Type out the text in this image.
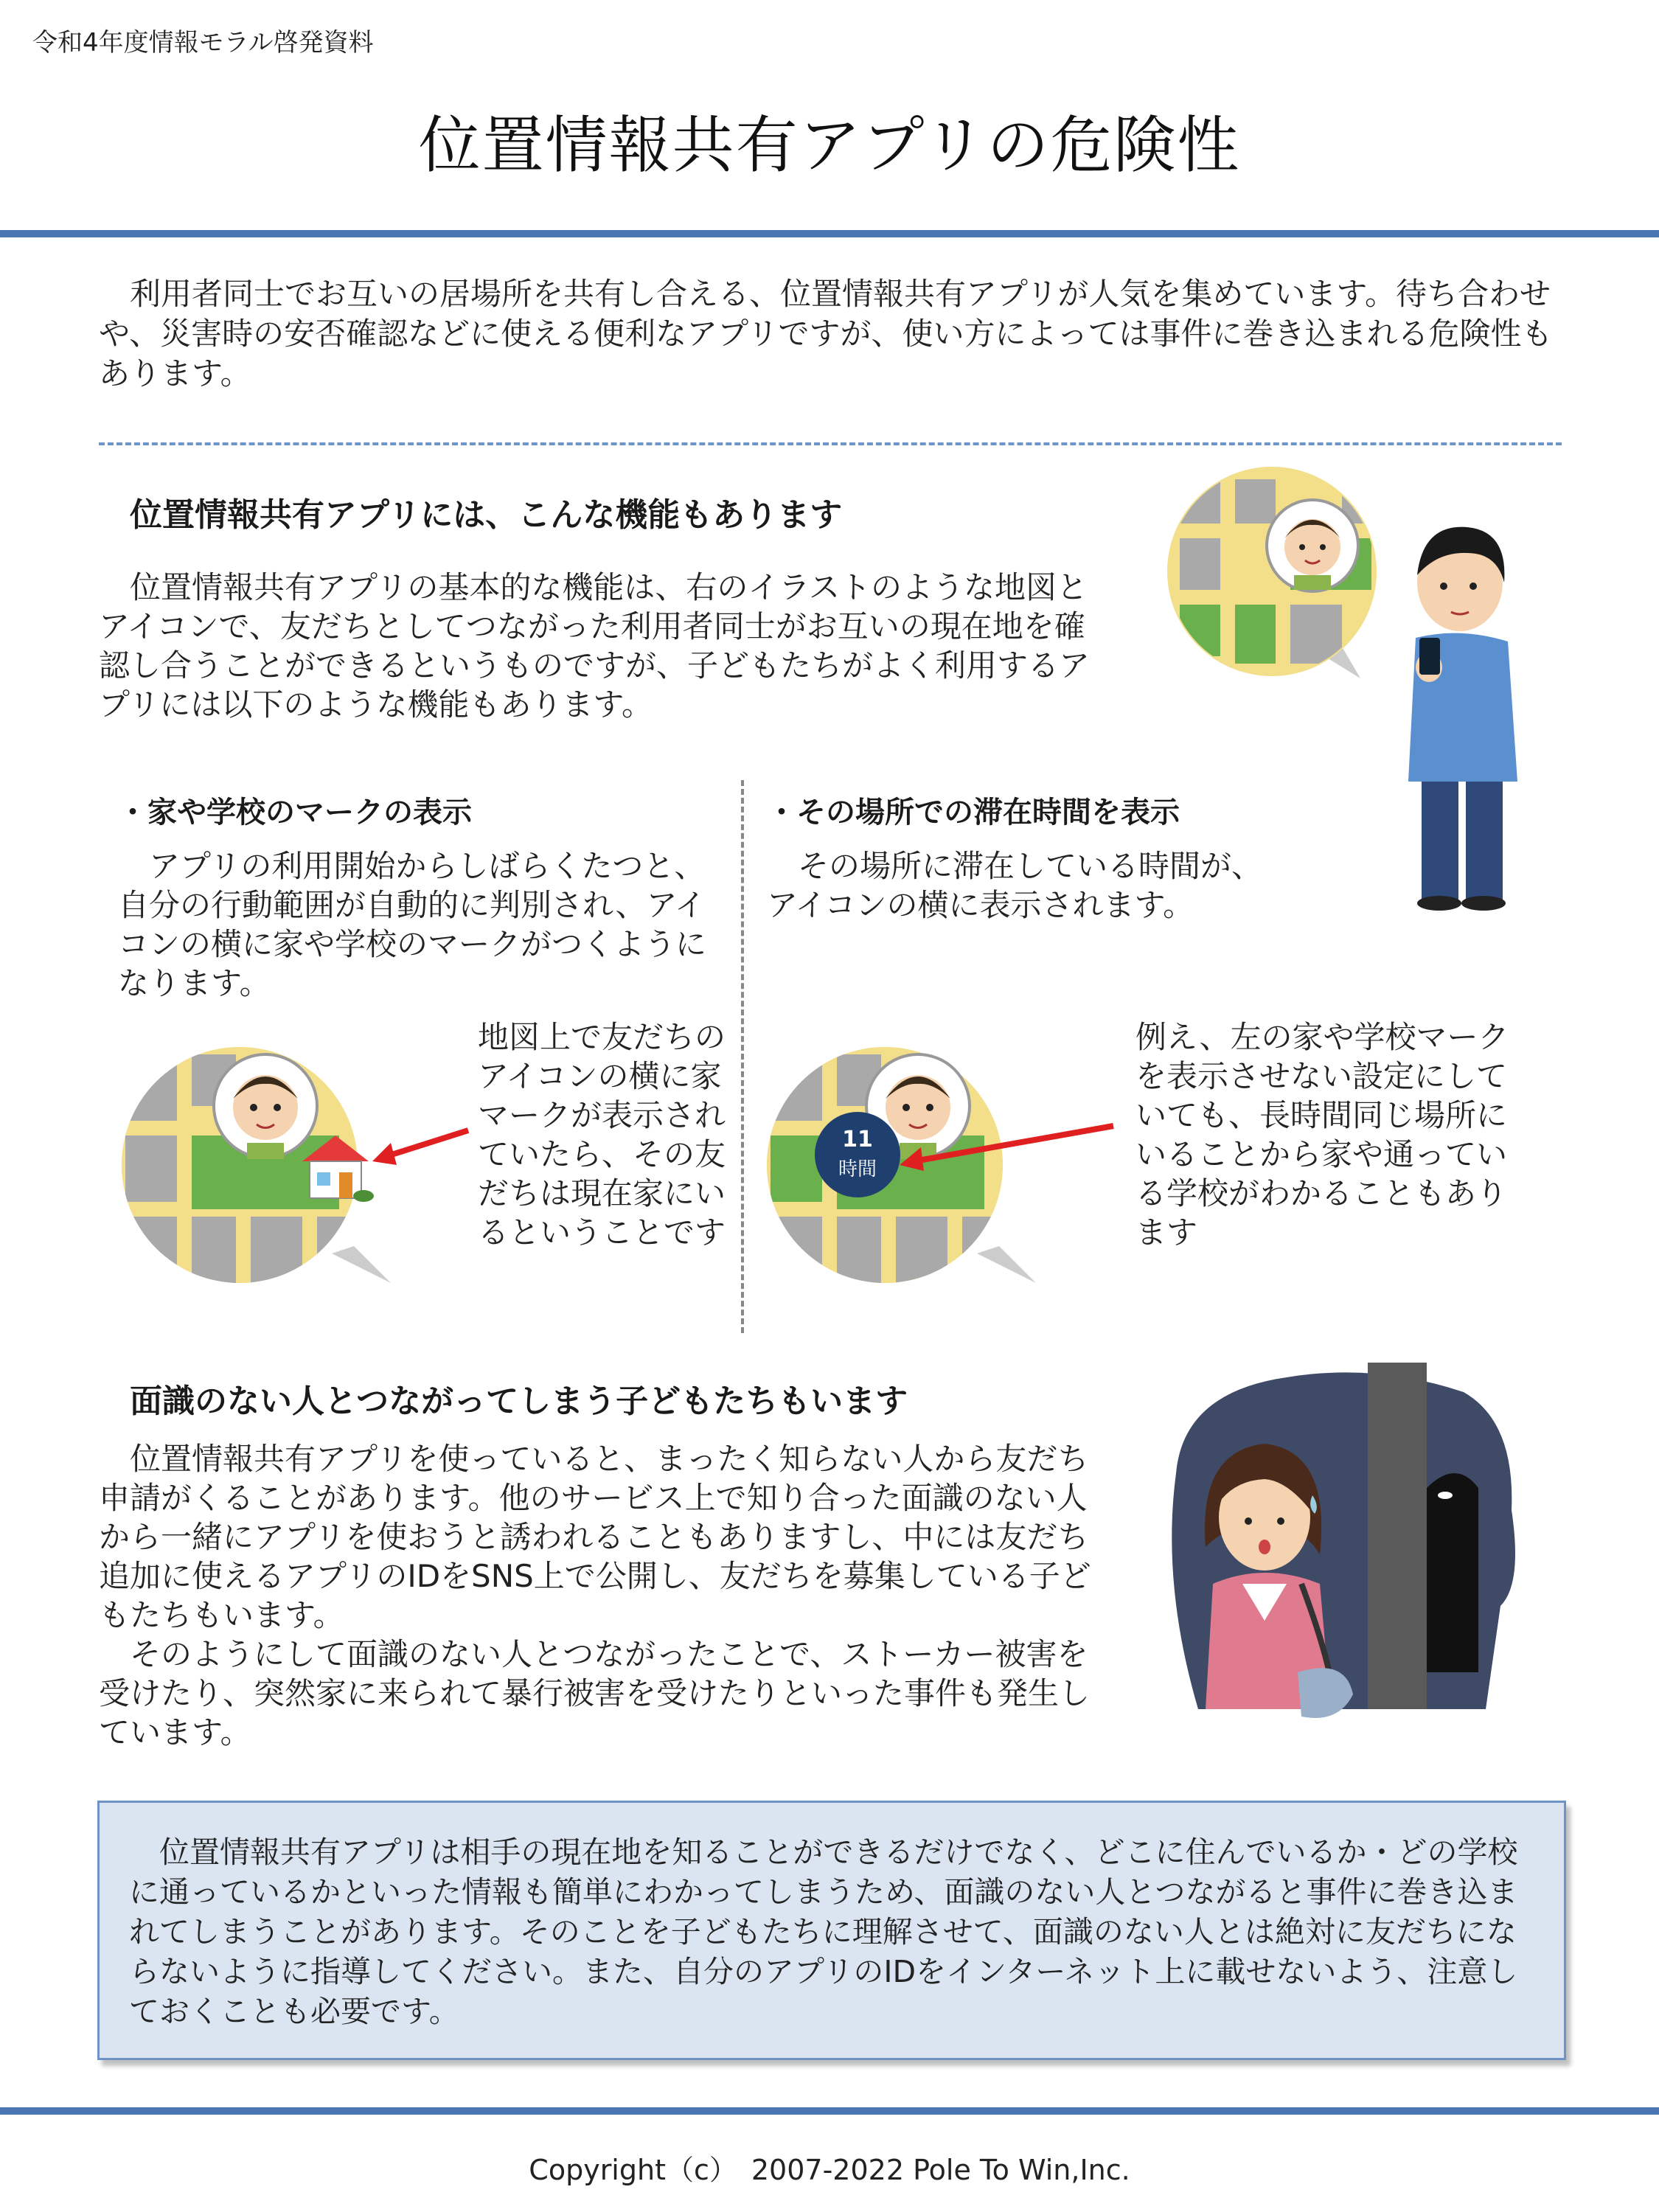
令和4年度情報モラル啓発資料
位置情報共有アプリの危険性
　利用者同士でお互いの居場所を共有し合える、位置情報共有アプリが人気を集めています。待ち合わせや、災害時の安否確認などに使える便利なアプリですが、使い方によっては事件に巻き込まれる危険性もあります。
位置情報共有アプリには、こんな機能もあります
　位置情報共有アプリの基本的な機能は、右のイラストのような地図とアイコンで、友だちとしてつながった利用者同士がお互いの現在地を確認し合うことができるというものですが、子どもたちがよく利用するアプリには以下のような機能もあります。
・家や学校のマークの表示
　アプリの利用開始からしばらくたつと、自分の行動範囲が自動的に判別され、アイコンの横に家や学校のマークがつくようになります。
地図上で友だちのアイコンの横に家マークが表示されていたら、その友だちは現在家にいるということです
・その場所での滞在時間を表示
　その場所に滞在している時間が、アイコンの横に表示されます。
11
時間
例え、左の家や学校マークを表示させない設定にしていても、長時間同じ場所にいることから家や通っている学校がわかることもあります
面識のない人とつながってしまう子どもたちもいます
　位置情報共有アプリを使っていると、まったく知らない人から友だち申請がくることがあります。他のサービス上で知り合った面識のない人から一緒にアプリを使おうと誘われることもありますし、中には友だち追加に使えるアプリのIDをSNS上で公開し、友だちを募集している子どもたちもいます。
　そのようにして面識のない人とつながったことで、ストーカー被害を受けたり、突然家に来られて暴行被害を受けたりといった事件も発生しています。
　位置情報共有アプリは相手の現在地を知ることができるだけでなく、どこに住んでいるか・どの学校に通っているかといった情報も簡単にわかってしまうため、面識のない人とつながると事件に巻き込まれてしまうことがあります。そのことを子どもたちに理解させて、面識のない人とは絶対に友だちにならないように指導してください。また、自分のアプリのIDをインターネット上に載せないよう、注意しておくことも必要です。
Copyright（c）　2007-2022 Pole To Win,Inc.
